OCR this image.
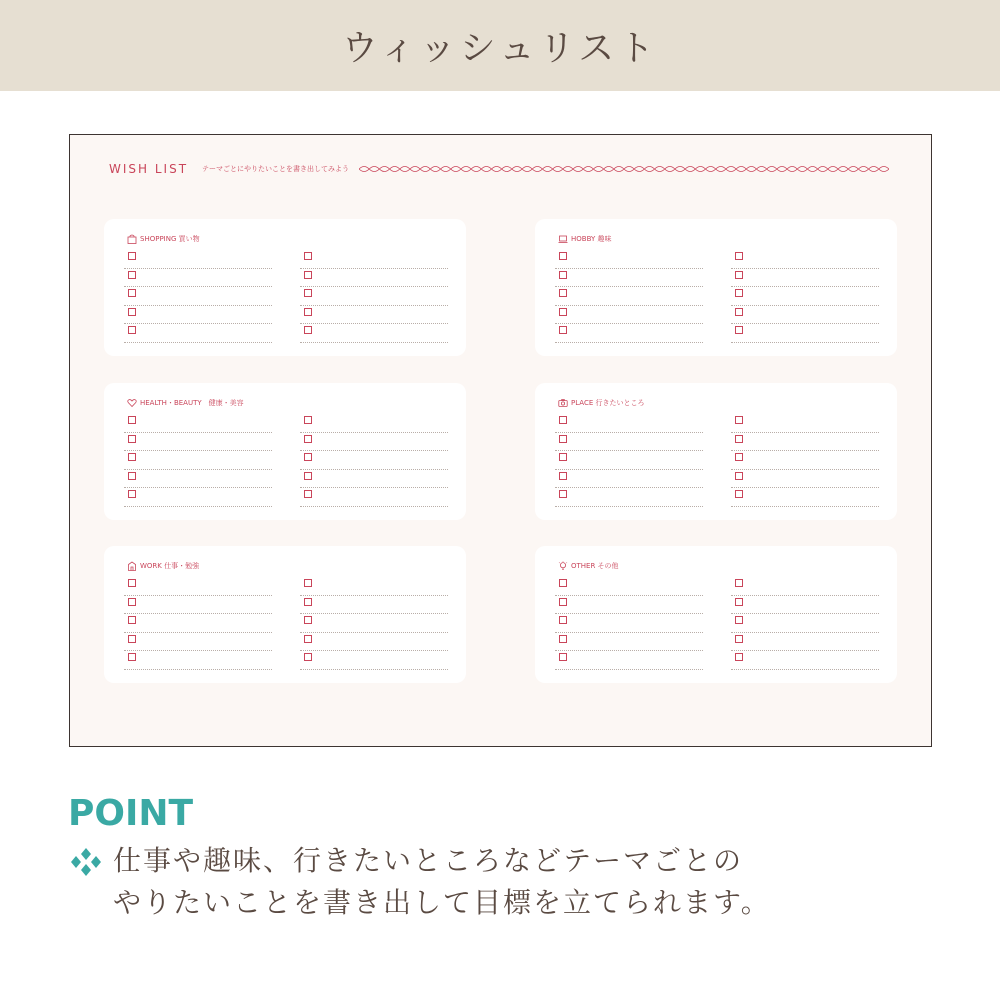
ウィッシュリスト
WISH LIST テーマごとにやりたいことを書き出してみよう
SHOPPING 買い物	HOBBY 趣味
HEALTH・BEAUTY　健康・美容	PLACE 行きたいところ
WORK 仕事・勉強	OTHER その他
POINT
仕事や趣味、行きたいところなどテーマごとの
やりたいことを書き出して目標を立てられます。
